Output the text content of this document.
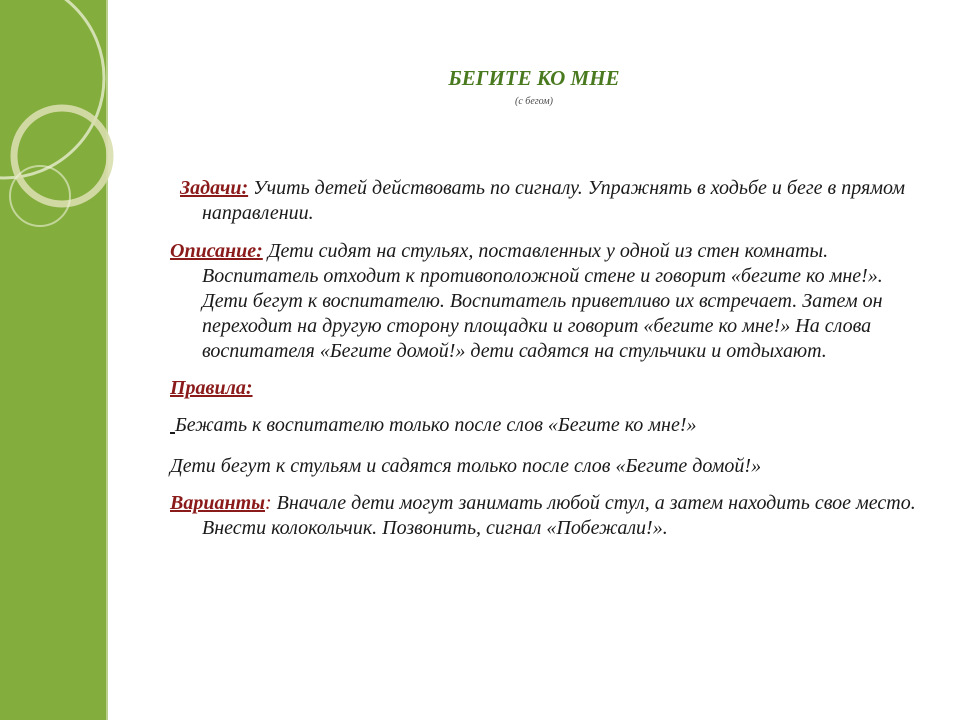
БЕГИТЕ КО МНЕ
(с бегом)

Задачи: Учить детей действовать по сигналу. Упражнять в ходьбе и беге в прямом направлении.

Описание: Дети сидят на стульях, поставленных у одной из стен комнаты. Воспитатель отходит к противоположной стене и говорит «бегите ко мне!». Дети бегут к воспитателю. Воспитатель приветливо их встречает. Затем он переходит на другую сторону площадки и говорит «бегите ко мне!» На слова воспитателя «Бегите домой!» дети садятся на стульчики и отдыхают.

Правила:

Бежать к воспитателю только после слов «Бегите ко мне!»

Дети бегут к стульям и садятся только после слов «Бегите домой!»

Варианты: Вначале дети могут занимать любой стул, а затем находить свое место. Внести колокольчик. Позвонить, сигнал «Побежали!».
